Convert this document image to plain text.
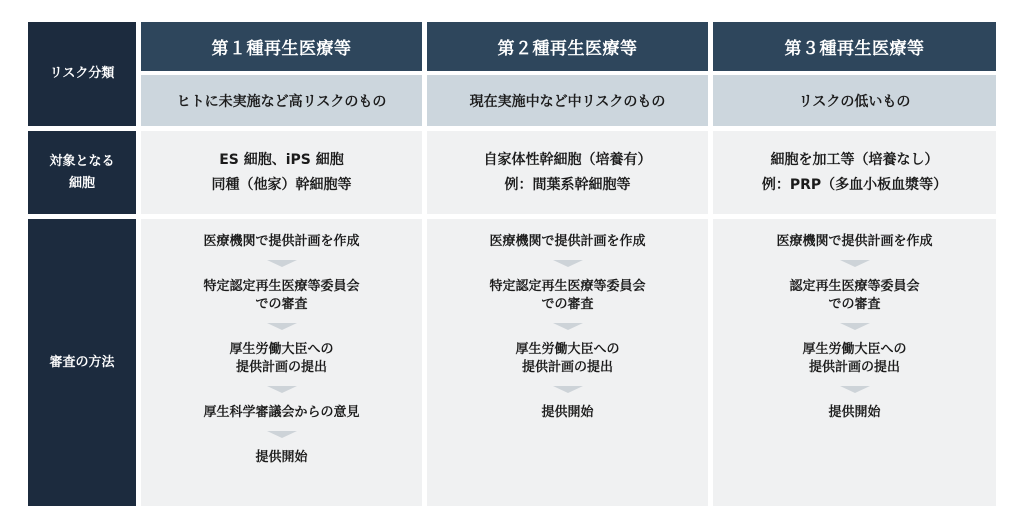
リスク分類
対象となる
細胞
審査の方法
第１種再生医療等
ヒトに未実施など高リスクのもの
ES 細胞、iPS 細胞
同種（他家）幹細胞等
医療機関で提供計画を作成
特定認定再生医療等委員会
での審査
厚生労働大臣への
提供計画の提出
厚生科学審議会からの意見
提供開始
第２種再生医療等
現在実施中など中リスクのもの
自家体性幹細胞（培養有）
例：間葉系幹細胞等
医療機関で提供計画を作成
特定認定再生医療等委員会
での審査
厚生労働大臣への
提供計画の提出
提供開始
第３種再生医療等
リスクの低いもの
細胞を加工等（培養なし）
例：PRP（多血小板血漿等）
医療機関で提供計画を作成
認定再生医療等委員会
での審査
厚生労働大臣への
提供計画の提出
提供開始
